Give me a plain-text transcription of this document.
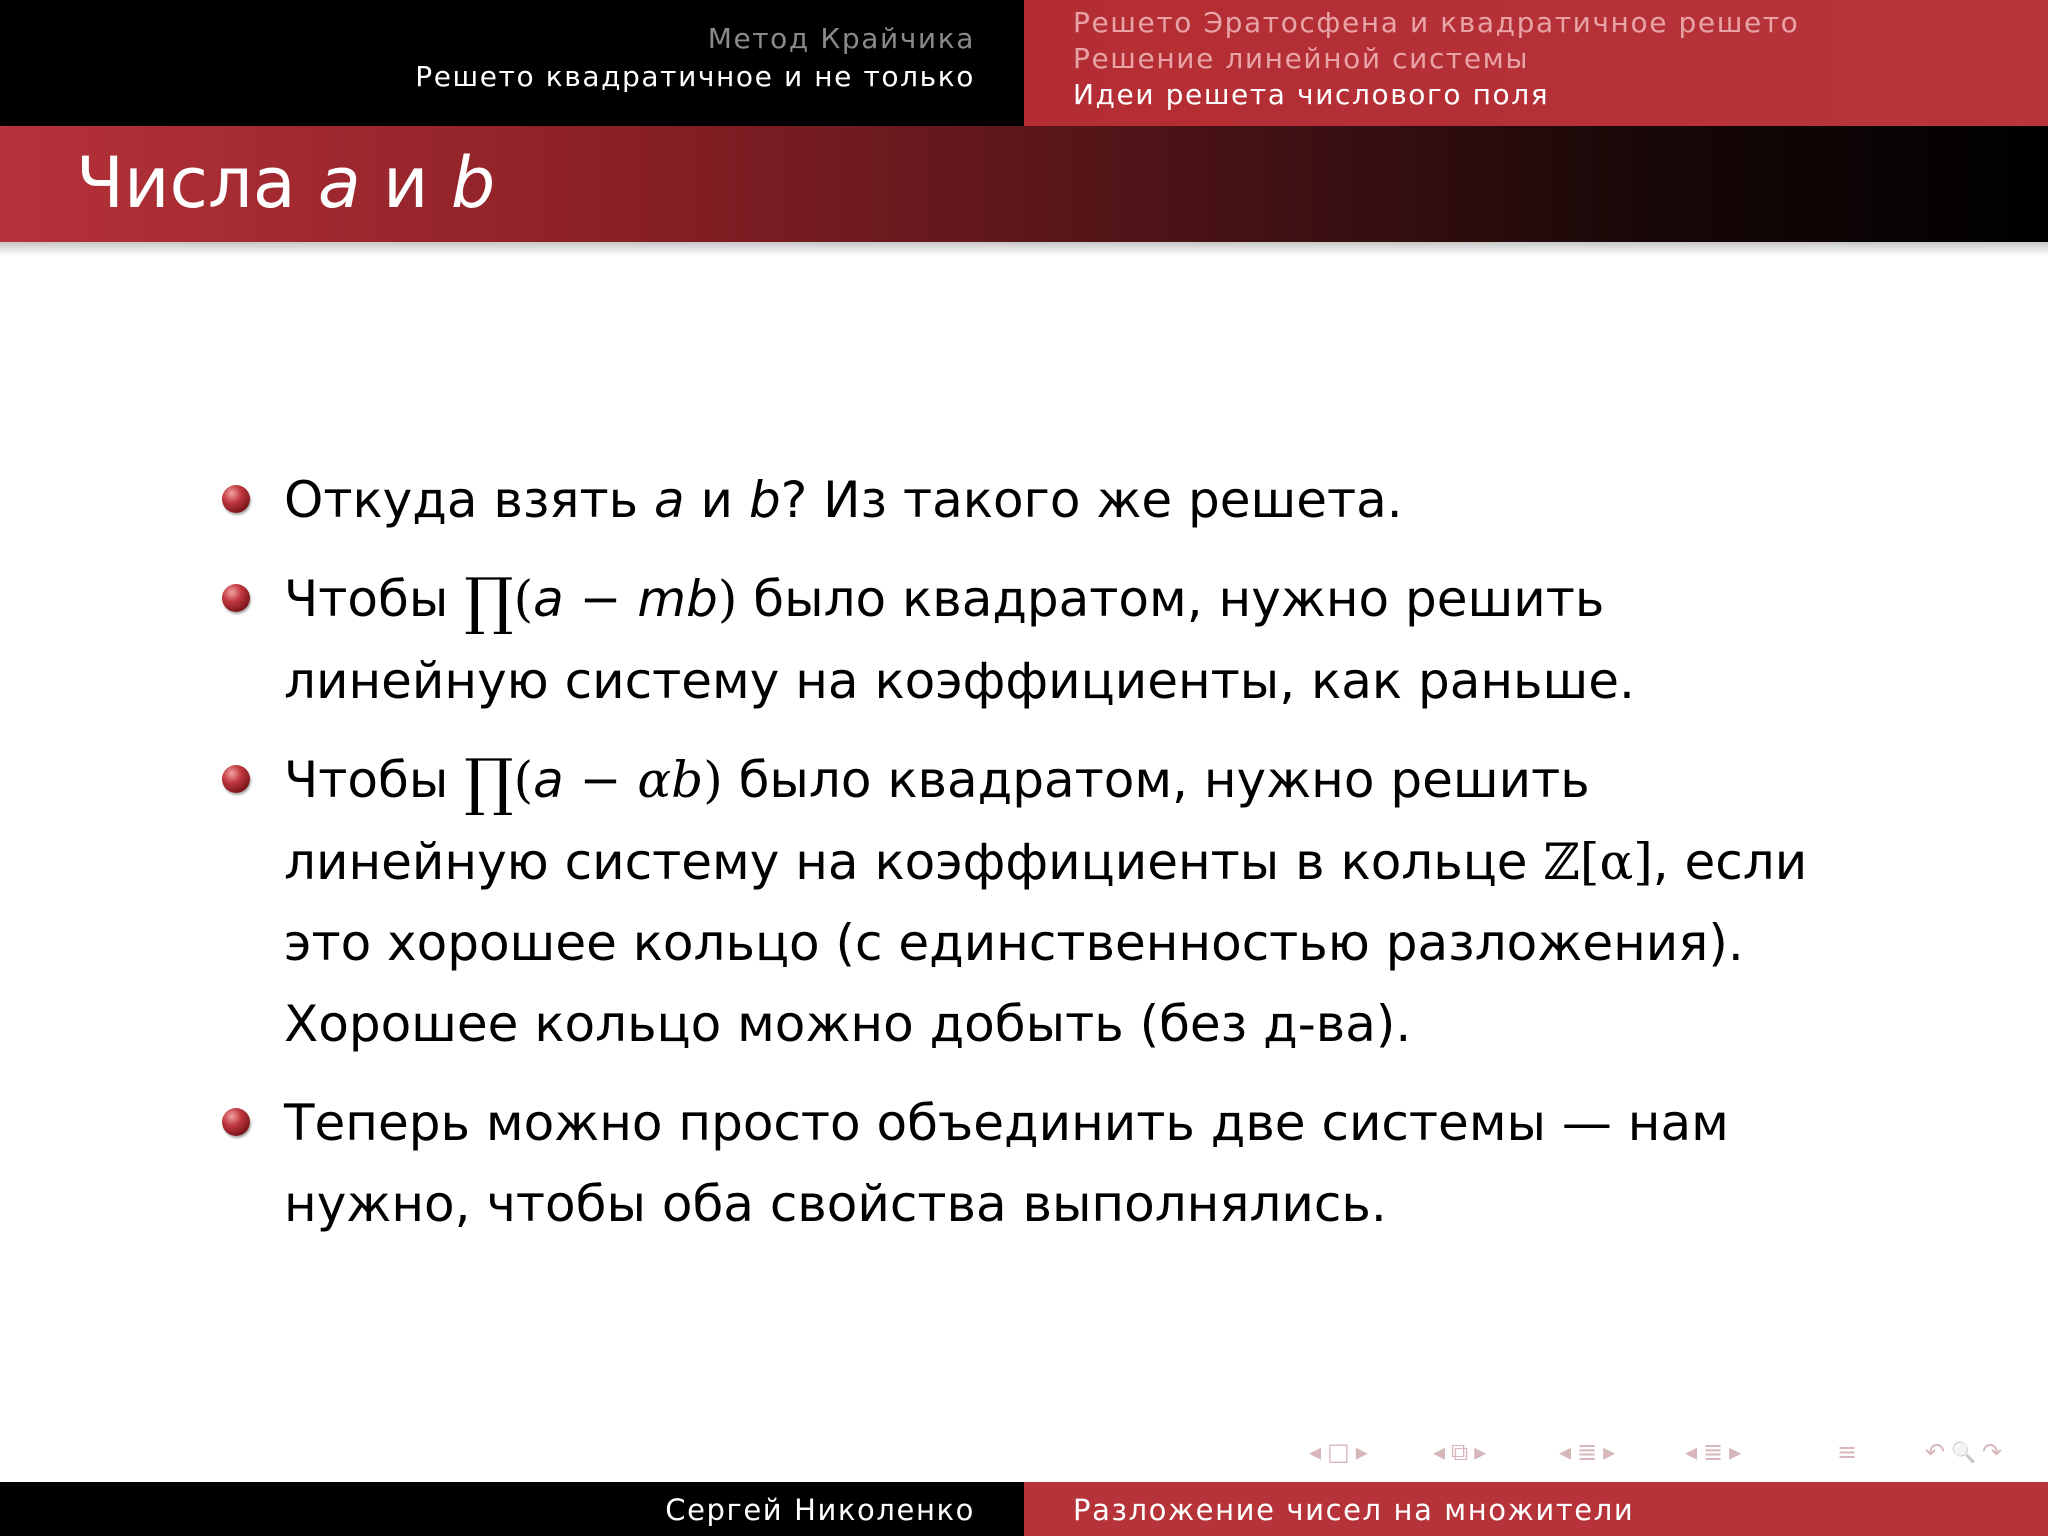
Метод Крайчика
Решето квадратичное и не только
Решето Эратосфена и квадратичное решето
Решение линейной системы
Идеи решета числового поля
Числа a и b
Откуда взять a и b? Из такого же решета.
Чтобы ∏(a − mb) было квадратом, нужно решить
линейную систему на коэффициенты, как раньше.
Чтобы ∏(a − αb) было квадратом, нужно решить
линейную систему на коэффициенты в кольце ℤ[α], если
это хорошее кольцо (с единственностью разложения).
Хорошее кольцо можно добыть (без д-ва).
Теперь можно просто объединить две системы — нам
нужно, чтобы оба свойства выполнялись.
◂ □ ▸	◂ ⧉ ▸	◂ ≣ ▸	◂ ≣ ▸	≡	↶ 🔍 ↷
Сергей Николенко	Разложение чисел на множители
